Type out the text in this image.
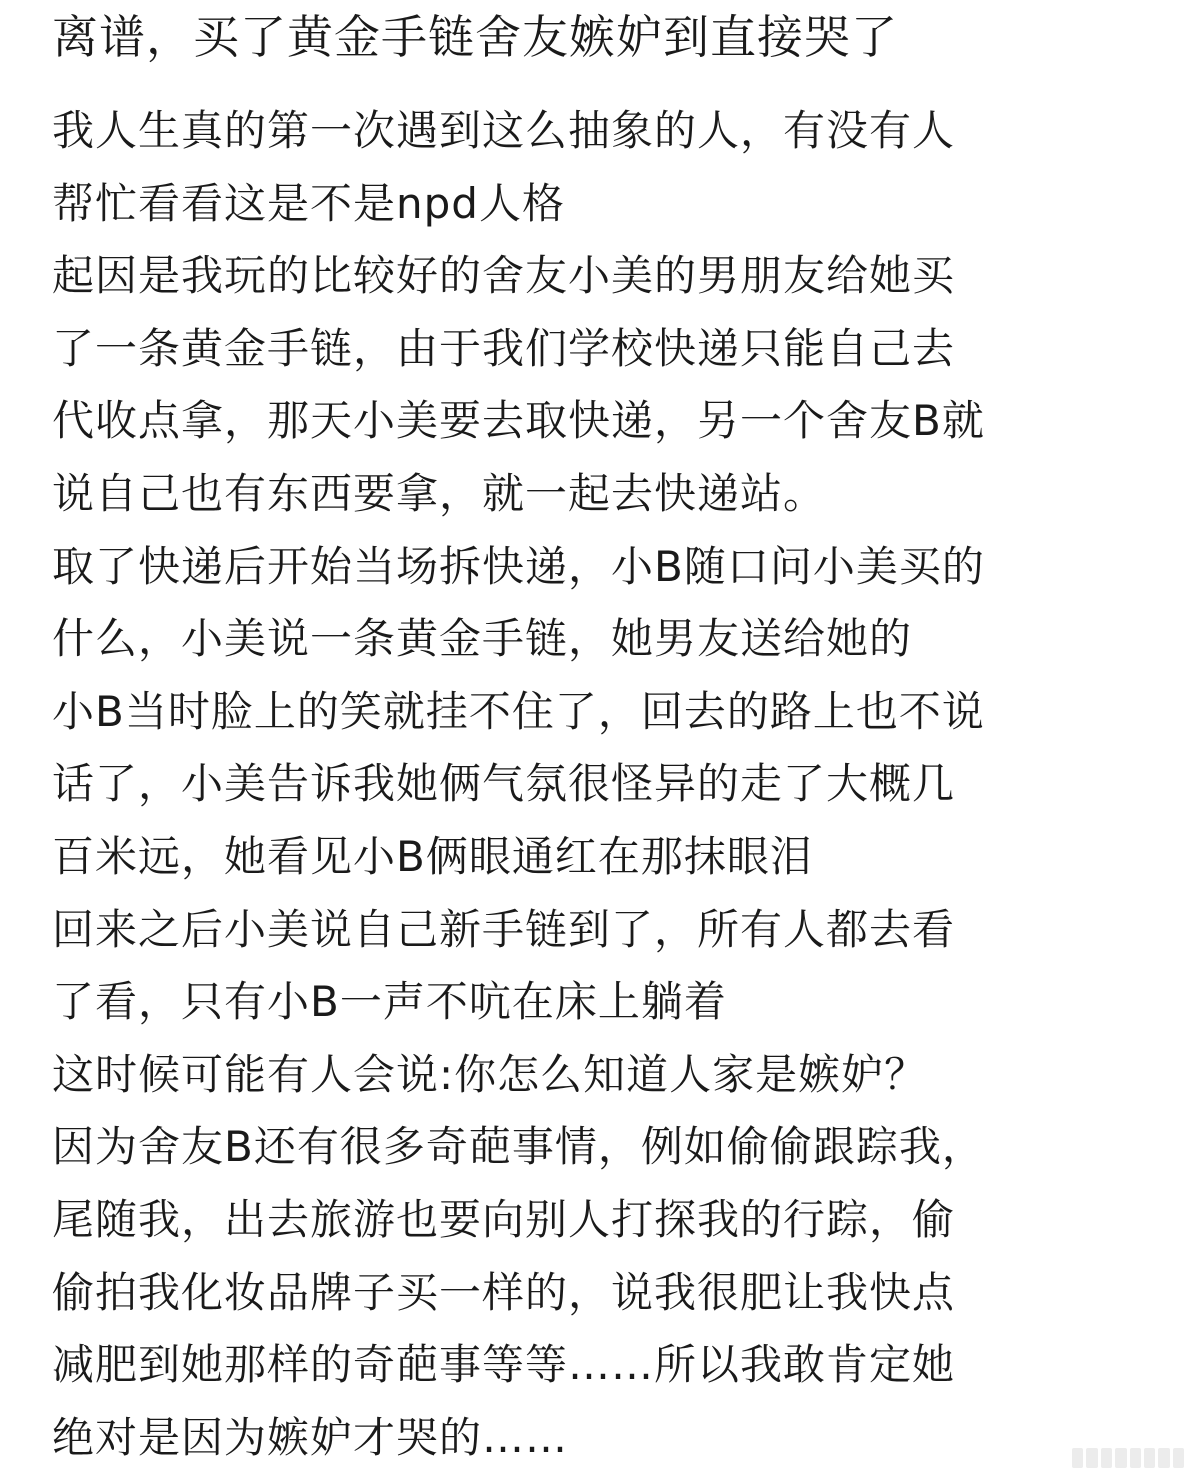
离谱，买了黄金手链舍友嫉妒到直接哭了
我人生真的第一次遇到这么抽象的人，有没有人
帮忙看看这是不是npd人格
起因是我玩的比较好的舍友小美的男朋友给她买
了一条黄金手链，由于我们学校快递只能自己去
代收点拿，那天小美要去取快递，另一个舍友B就
说自己也有东西要拿，就一起去快递站。
取了快递后开始当场拆快递，小B随口问小美买的
什么，小美说一条黄金手链，她男友送给她的
小B当时脸上的笑就挂不住了，回去的路上也不说
话了，小美告诉我她俩气氛很怪异的走了大概几
百米远，她看见小B俩眼通红在那抹眼泪
回来之后小美说自己新手链到了，所有人都去看
了看，只有小B一声不吭在床上躺着
这时候可能有人会说:你怎么知道人家是嫉妒？
因为舍友B还有很多奇葩事情，例如偷偷跟踪我，
尾随我，出去旅游也要向别人打探我的行踪，偷
偷拍我化妆品牌子买一样的，说我很肥让我快点
减肥到她那样的奇葩事等等……所以我敢肯定她
绝对是因为嫉妒才哭的……
